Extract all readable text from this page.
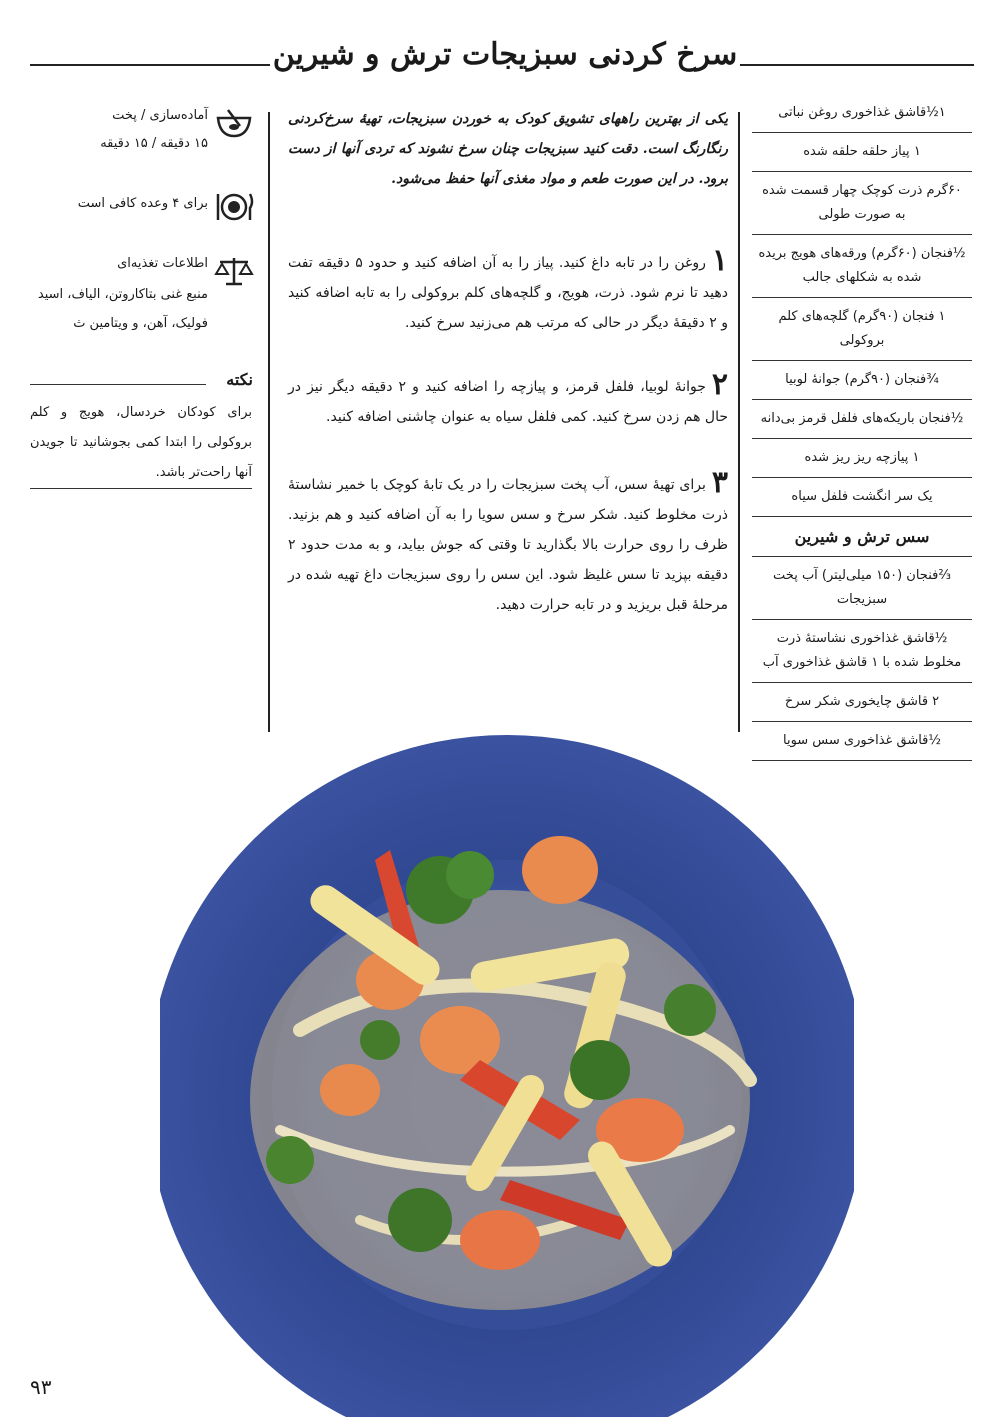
سرخ کردنی سبزیجات ترش و شیرین
۱½قاشق غذاخوری روغن نباتی
۱ پیاز حلقه حلقه شده
۶۰گرم ذرت کوچک چهار قسمت شده به صورت طولی
½فنجان (۶۰گرم) ورقه‌های هویج بریده شده به شکلهای جالب
۱ فنجان (۹۰گرم) گلچه‌های کلم بروکولی
¾فنجان (۹۰گرم) جوانهٔ لوبیا
½فنجان باریکه‌های فلفل قرمز بی‌دانه
۱ پیازچه ریز ریز شده
یک سر انگشت فلفل سیاه
سس ترش و شیرین
⅔فنجان (۱۵۰ میلی‌لیتر) آب پخت سبزیجات
½قاشق غذاخوری نشاستهٔ ذرت مخلوط شده با ۱ قاشق غذاخوری آب
۲ قاشق چایخوری شکر سرخ
½قاشق غذاخوری سس سویا
یکی از بهترین راههای تشویق کودک به خوردن سبزیجات، تهیهٔ سرخ‌کردنی رنگارنگ است. دقت کنید سبزیجات چنان سرخ نشوند که تردی آنها از دست برود. در این صورت طعم و مواد مغذی آنها حفظ می‌شود.
۱
روغن را در تابه داغ کنید. پیاز را به آن اضافه کنید و حدود ۵ دقیقه تفت دهید تا نرم شود. ذرت، هویج، و گلچه‌های کلم بروکولی را به تابه اضافه کنید و ۲ دقیقهٔ دیگر در حالی که مرتب هم می‌زنید سرخ کنید.
۲
جوانهٔ لوبیا، فلفل قرمز، و پیازچه را اضافه کنید و ۲ دقیقه دیگر نیز در حال هم زدن سرخ کنید. کمی فلفل سیاه به عنوان چاشنی اضافه کنید.
۳
برای تهیهٔ سس، آب پخت سبزیجات را در یک تابهٔ کوچک با خمیر نشاستهٔ ذرت مخلوط کنید. شکر سرخ و سس سویا را به آن اضافه کنید و هم بزنید. ظرف را روی حرارت بالا بگذارید تا وقتی که جوش بیاید، و به مدت حدود ۲ دقیقه بپزید تا سس غلیظ شود. این سس را روی سبزیجات داغ تهیه شده در مرحلهٔ قبل بریزید و در تابه حرارت دهید.
آماده‌سازی / پخت
۱۵ دقیقه / ۱۵ دقیقه
برای ۴ وعده کافی است
اطلاعات تغذیه‌ای
منبع غنی بتاکاروتن، الیاف، اسید فولیک، آهن، و ویتامین ث
نکته
برای کودکان خردسال، هویج و کلم بروکولی را ابتدا کمی بجوشانید تا جویدن آنها راحت‌تر باشد.
۹۳
